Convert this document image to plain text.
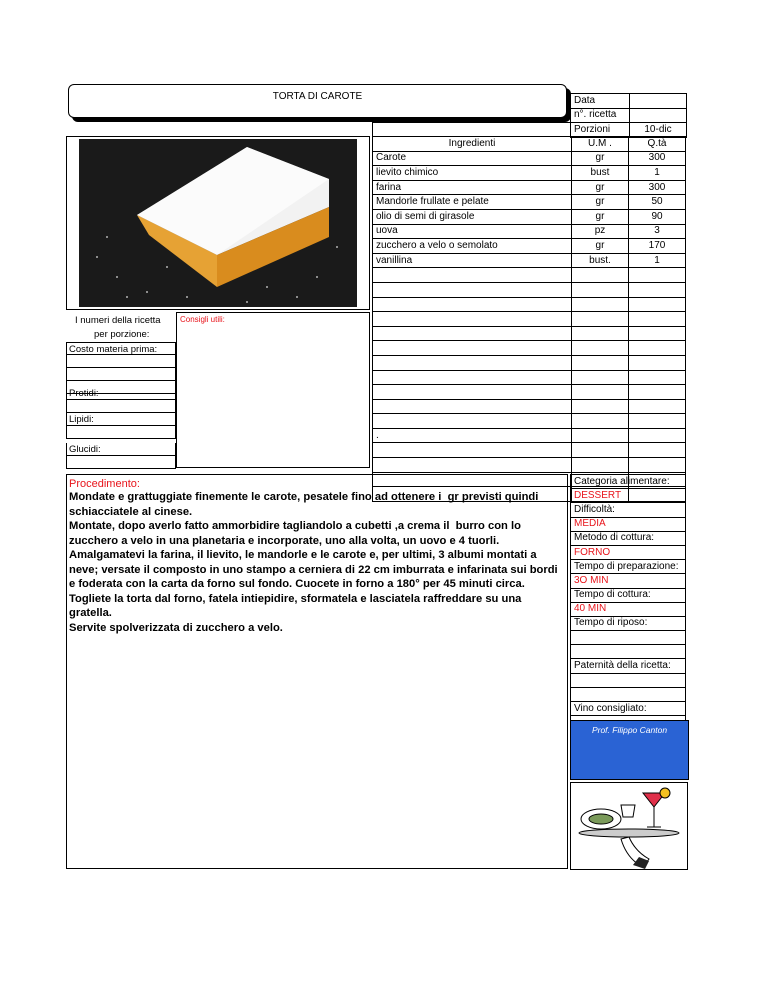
TORTA DI CAROTE	Data	
n°. ricetta	
Porzioni	10-dic
Ingredienti	U.M .	Q.tà
Carote	gr	300
lievito chimico	bust	1
farina	gr	300
Mandorle frullate e pelate	gr	50
olio di semi di girasole	gr	90
uova	pz	3
zucchero a velo o semolato	gr	170
vanillina	bust.	1

.		

I numeri della ricetta
per porzione:
Costo materia prima:
Protidi:
Lipidi:
Glucidi:
Consigli utili:
Procedimento:
Mondate e grattuggiate finemente le carote, pesatele fino ad ottenere i  gr previsti quindi schiacciatele al cinese.
Montate, dopo averlo fatto ammorbidire tagliandolo a cubetti ,a crema il  burro con lo zucchero a velo in una planetaria e incorporate, uno alla volta, un uovo e 4 tuorli. Amalgamatevi la farina, il lievito, le mandorle e le carote e, per ultimi, 3 albumi montati a neve; versate il composto in uno stampo a cerniera di 22 cm imburrata e infarinata sui bordi e foderata con la carta da forno sul fondo. Cuocete in forno a 180° per 45 minuti circa. Togliete la torta dal forno, fatela intiepidire, sformatela e lasciatela raffreddare su una gratella.
Servite spolverizzata di zucchero a velo.
Categoria alimentare:
DESSERT
Difficoltà:
MEDIA
Metodo di cottura:
FORNO
Tempo di preparazione:
3O MIN
Tempo di cottura:
40 MIN
Tempo di riposo:

Paternità della ricetta:

Vino consigliato:

Prof. Filippo Canton
